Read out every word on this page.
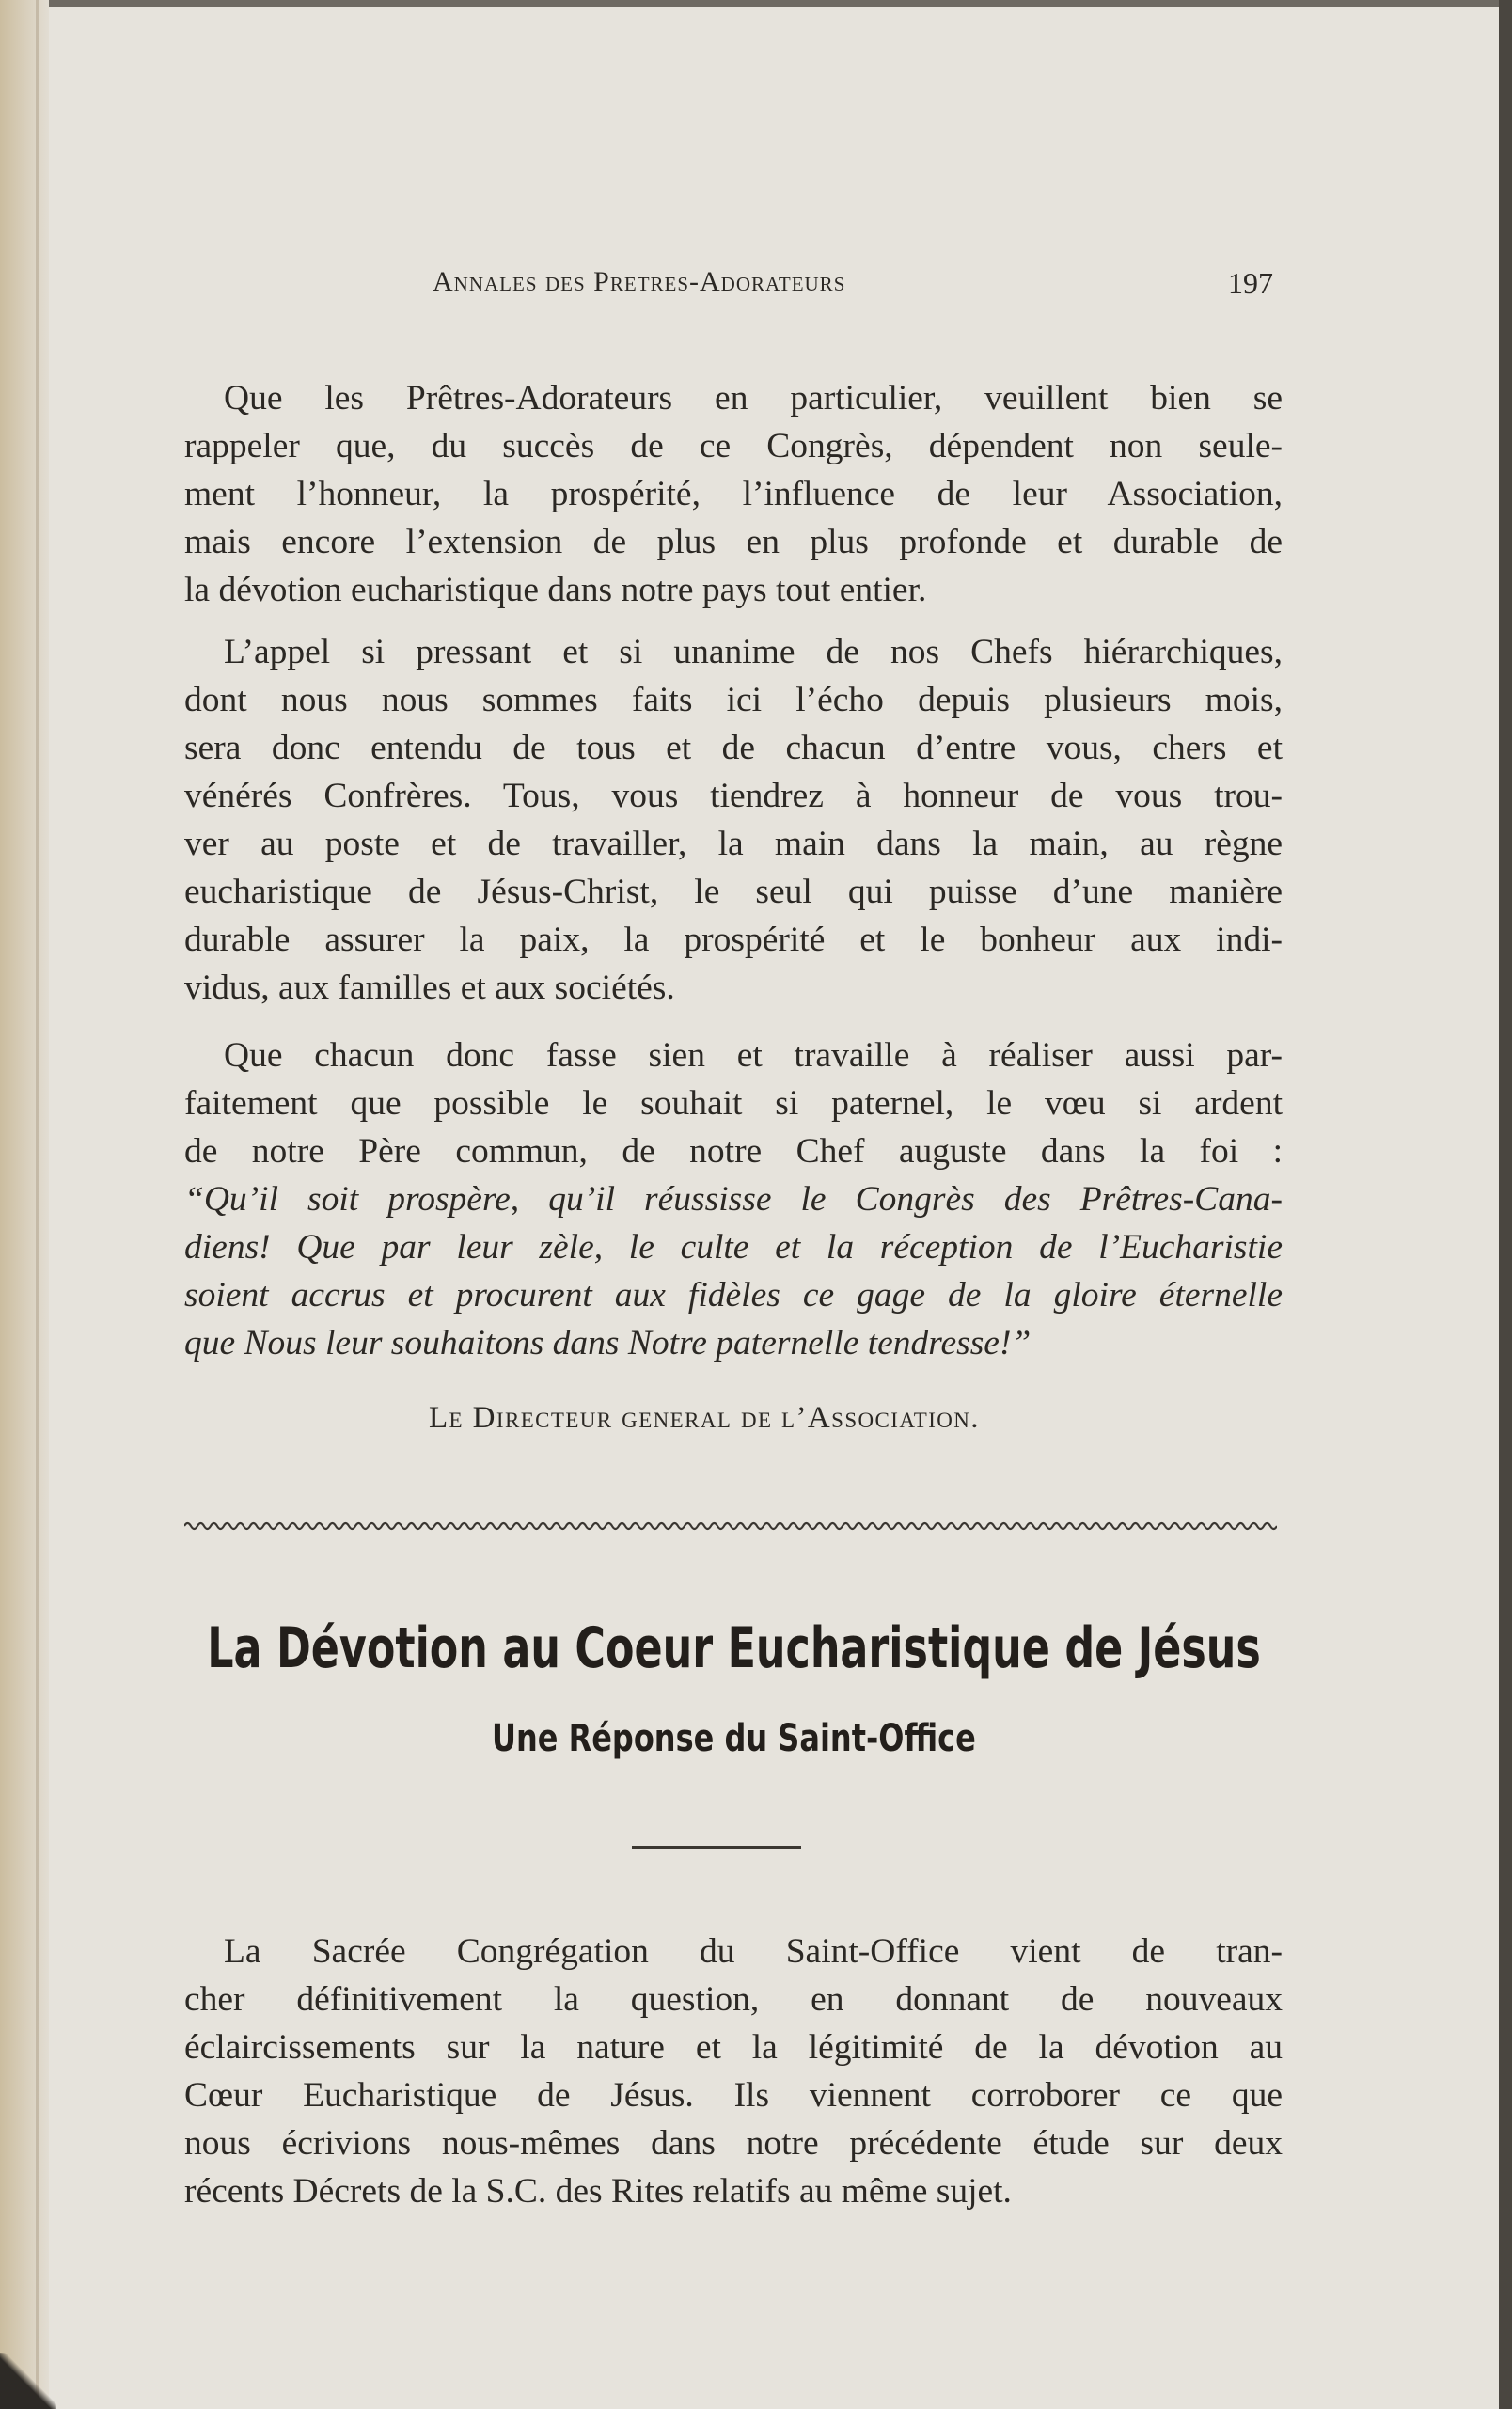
Annales des Pretres-Adorateurs	197

Que les Prêtres-Adorateurs en particulier, veuillent bien se
rappeler que, du succès de ce Congrès, dépendent non seule-
ment l’honneur, la prospérité, l’influence de leur Association,
mais encore l’extension de plus en plus profonde et durable de
la dévotion eucharistique dans notre pays tout entier.

L’appel si pressant et si unanime de nos Chefs hiérarchiques,
dont nous nous sommes faits ici l’écho depuis plusieurs mois,
sera donc entendu de tous et de chacun d’entre vous, chers et
vénérés Confrères. Tous, vous tiendrez à honneur de vous trou-
ver au poste et de travailler, la main dans la main, au règne
eucharistique de Jésus-Christ, le seul qui puisse d’une manière
durable assurer la paix, la prospérité et le bonheur aux indi-
vidus, aux familles et aux sociétés.

Que chacun donc fasse sien et travaille à réaliser aussi par-
faitement que possible le souhait si paternel, le vœu si ardent
de notre Père commun, de notre Chef auguste dans la foi :
“Qu’il soit prospère, qu’il réussisse le Congrès des Prêtres-Cana-
diens! Que par leur zèle, le culte et la réception de l’Eucharistie
soient accrus et procurent aux fidèles ce gage de la gloire éternelle
que Nous leur souhaitons dans Notre paternelle tendresse!”

Le Directeur general de l’Association.
La Dévotion au Coeur Eucharistique de Jésus
Une Réponse du Saint-Office

La Sacrée Congrégation du Saint-Office vient de tran-
cher définitivement la question, en donnant de nouveaux
éclaircissements sur la nature et la légitimité de la dévotion au
Cœur Eucharistique de Jésus. Ils viennent corroborer ce que
nous écrivions nous-mêmes dans notre précédente étude sur deux
récents Décrets de la S.C. des Rites relatifs au même sujet.
